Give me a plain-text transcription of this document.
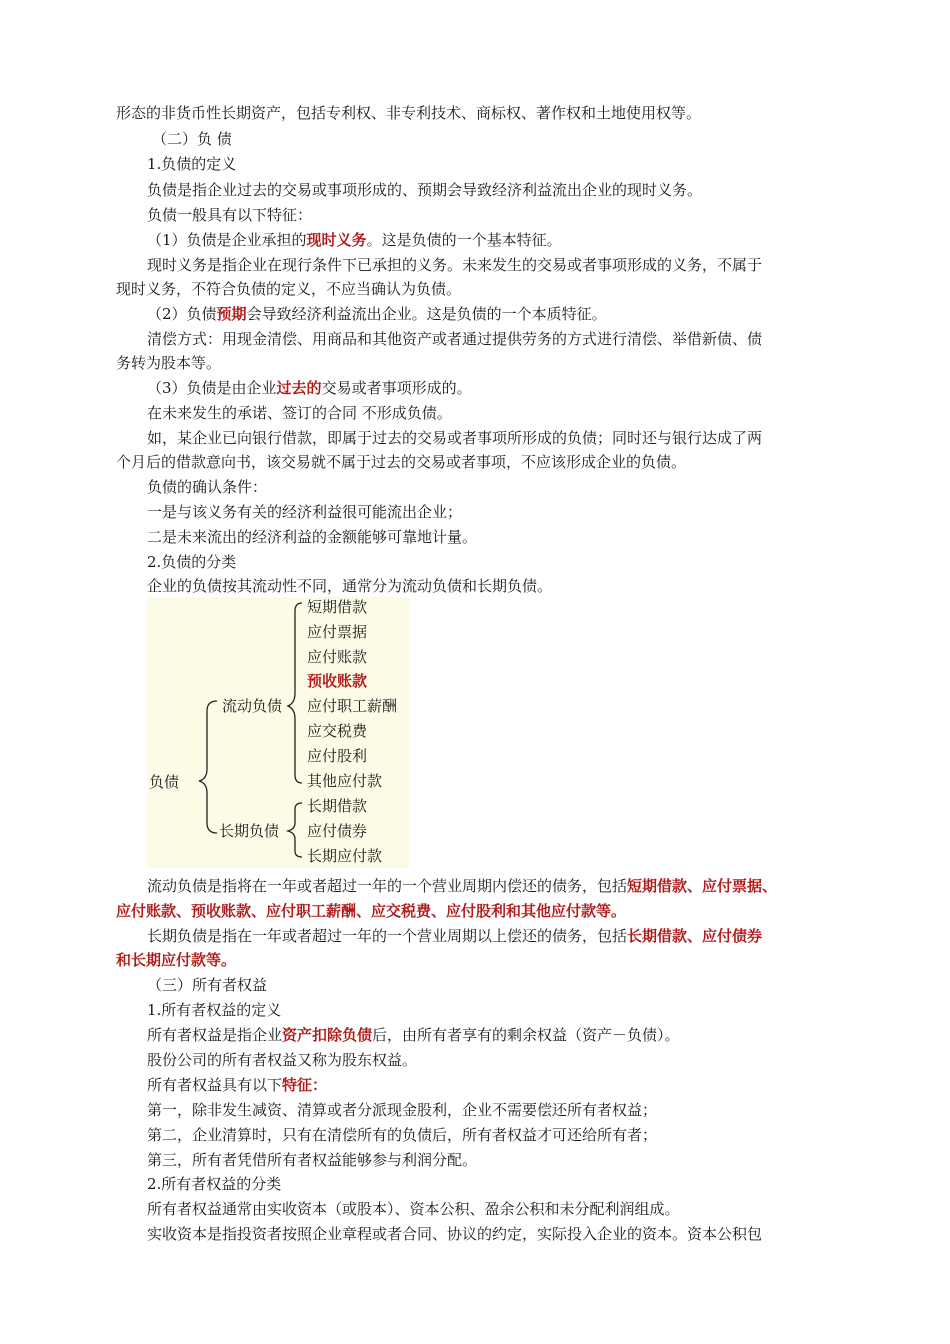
形态的非货币性长期资产，包括专利权、非专利技术、商标权、著作权和土地使用权等。
（二）负 债
1.负债的定义
负债是指企业过去的交易或事项形成的、预期会导致经济利益流出企业的现时义务。
负债一般具有以下特征：
（1）负债是企业承担的现时义务。这是负债的一个基本特征。
现时义务是指企业在现行条件下已承担的义务。未来发生的交易或者事项形成的义务，不属于
现时义务，不符合负债的定义，不应当确认为负债。
（2）负债预期会导致经济利益流出企业。这是负债的一个本质特征。
清偿方式：用现金清偿、用商品和其他资产或者通过提供劳务的方式进行清偿、举借新债、债
务转为股本等。
（3）负债是由企业过去的交易或者事项形成的。
在未来发生的承诺、签订的合同 不形成负债。
如，某企业已向银行借款，即属于过去的交易或者事项所形成的负债；同时还与银行达成了两
个月后的借款意向书，该交易就不属于过去的交易或者事项，不应该形成企业的负债。
负债的确认条件：
一是与该义务有关的经济利益很可能流出企业；
二是未来流出的经济利益的金额能够可靠地计量。
2.负债的分类
企业的负债按其流动性不同，通常分为流动负债和长期负债。
负债
流动负债
长期负债
短期借款
应付票据
应付账款
预收账款
应付职工薪酬
应交税费
应付股利
其他应付款
长期借款
应付债券
长期应付款
流动负债是指将在一年或者超过一年的一个营业周期内偿还的债务，包括短期借款、应付票据、
应付账款、预收账款、应付职工薪酬、应交税费、应付股利和其他应付款等。
长期负债是指在一年或者超过一年的一个营业周期以上偿还的债务，包括长期借款、应付债券
和长期应付款等。
（三）所有者权益
1.所有者权益的定义
所有者权益是指企业资产扣除负债后，由所有者享有的剩余权益（资产－负债）。
股份公司的所有者权益又称为股东权益。
所有者权益具有以下特征：
第一，除非发生减资、清算或者分派现金股利，企业不需要偿还所有者权益；
第二，企业清算时，只有在清偿所有的负债后，所有者权益才可还给所有者；
第三，所有者凭借所有者权益能够参与利润分配。
2.所有者权益的分类
所有者权益通常由实收资本（或股本）、资本公积、盈余公积和未分配利润组成。
实收资本是指投资者按照企业章程或者合同、协议的约定，实际投入企业的资本。资本公积包
